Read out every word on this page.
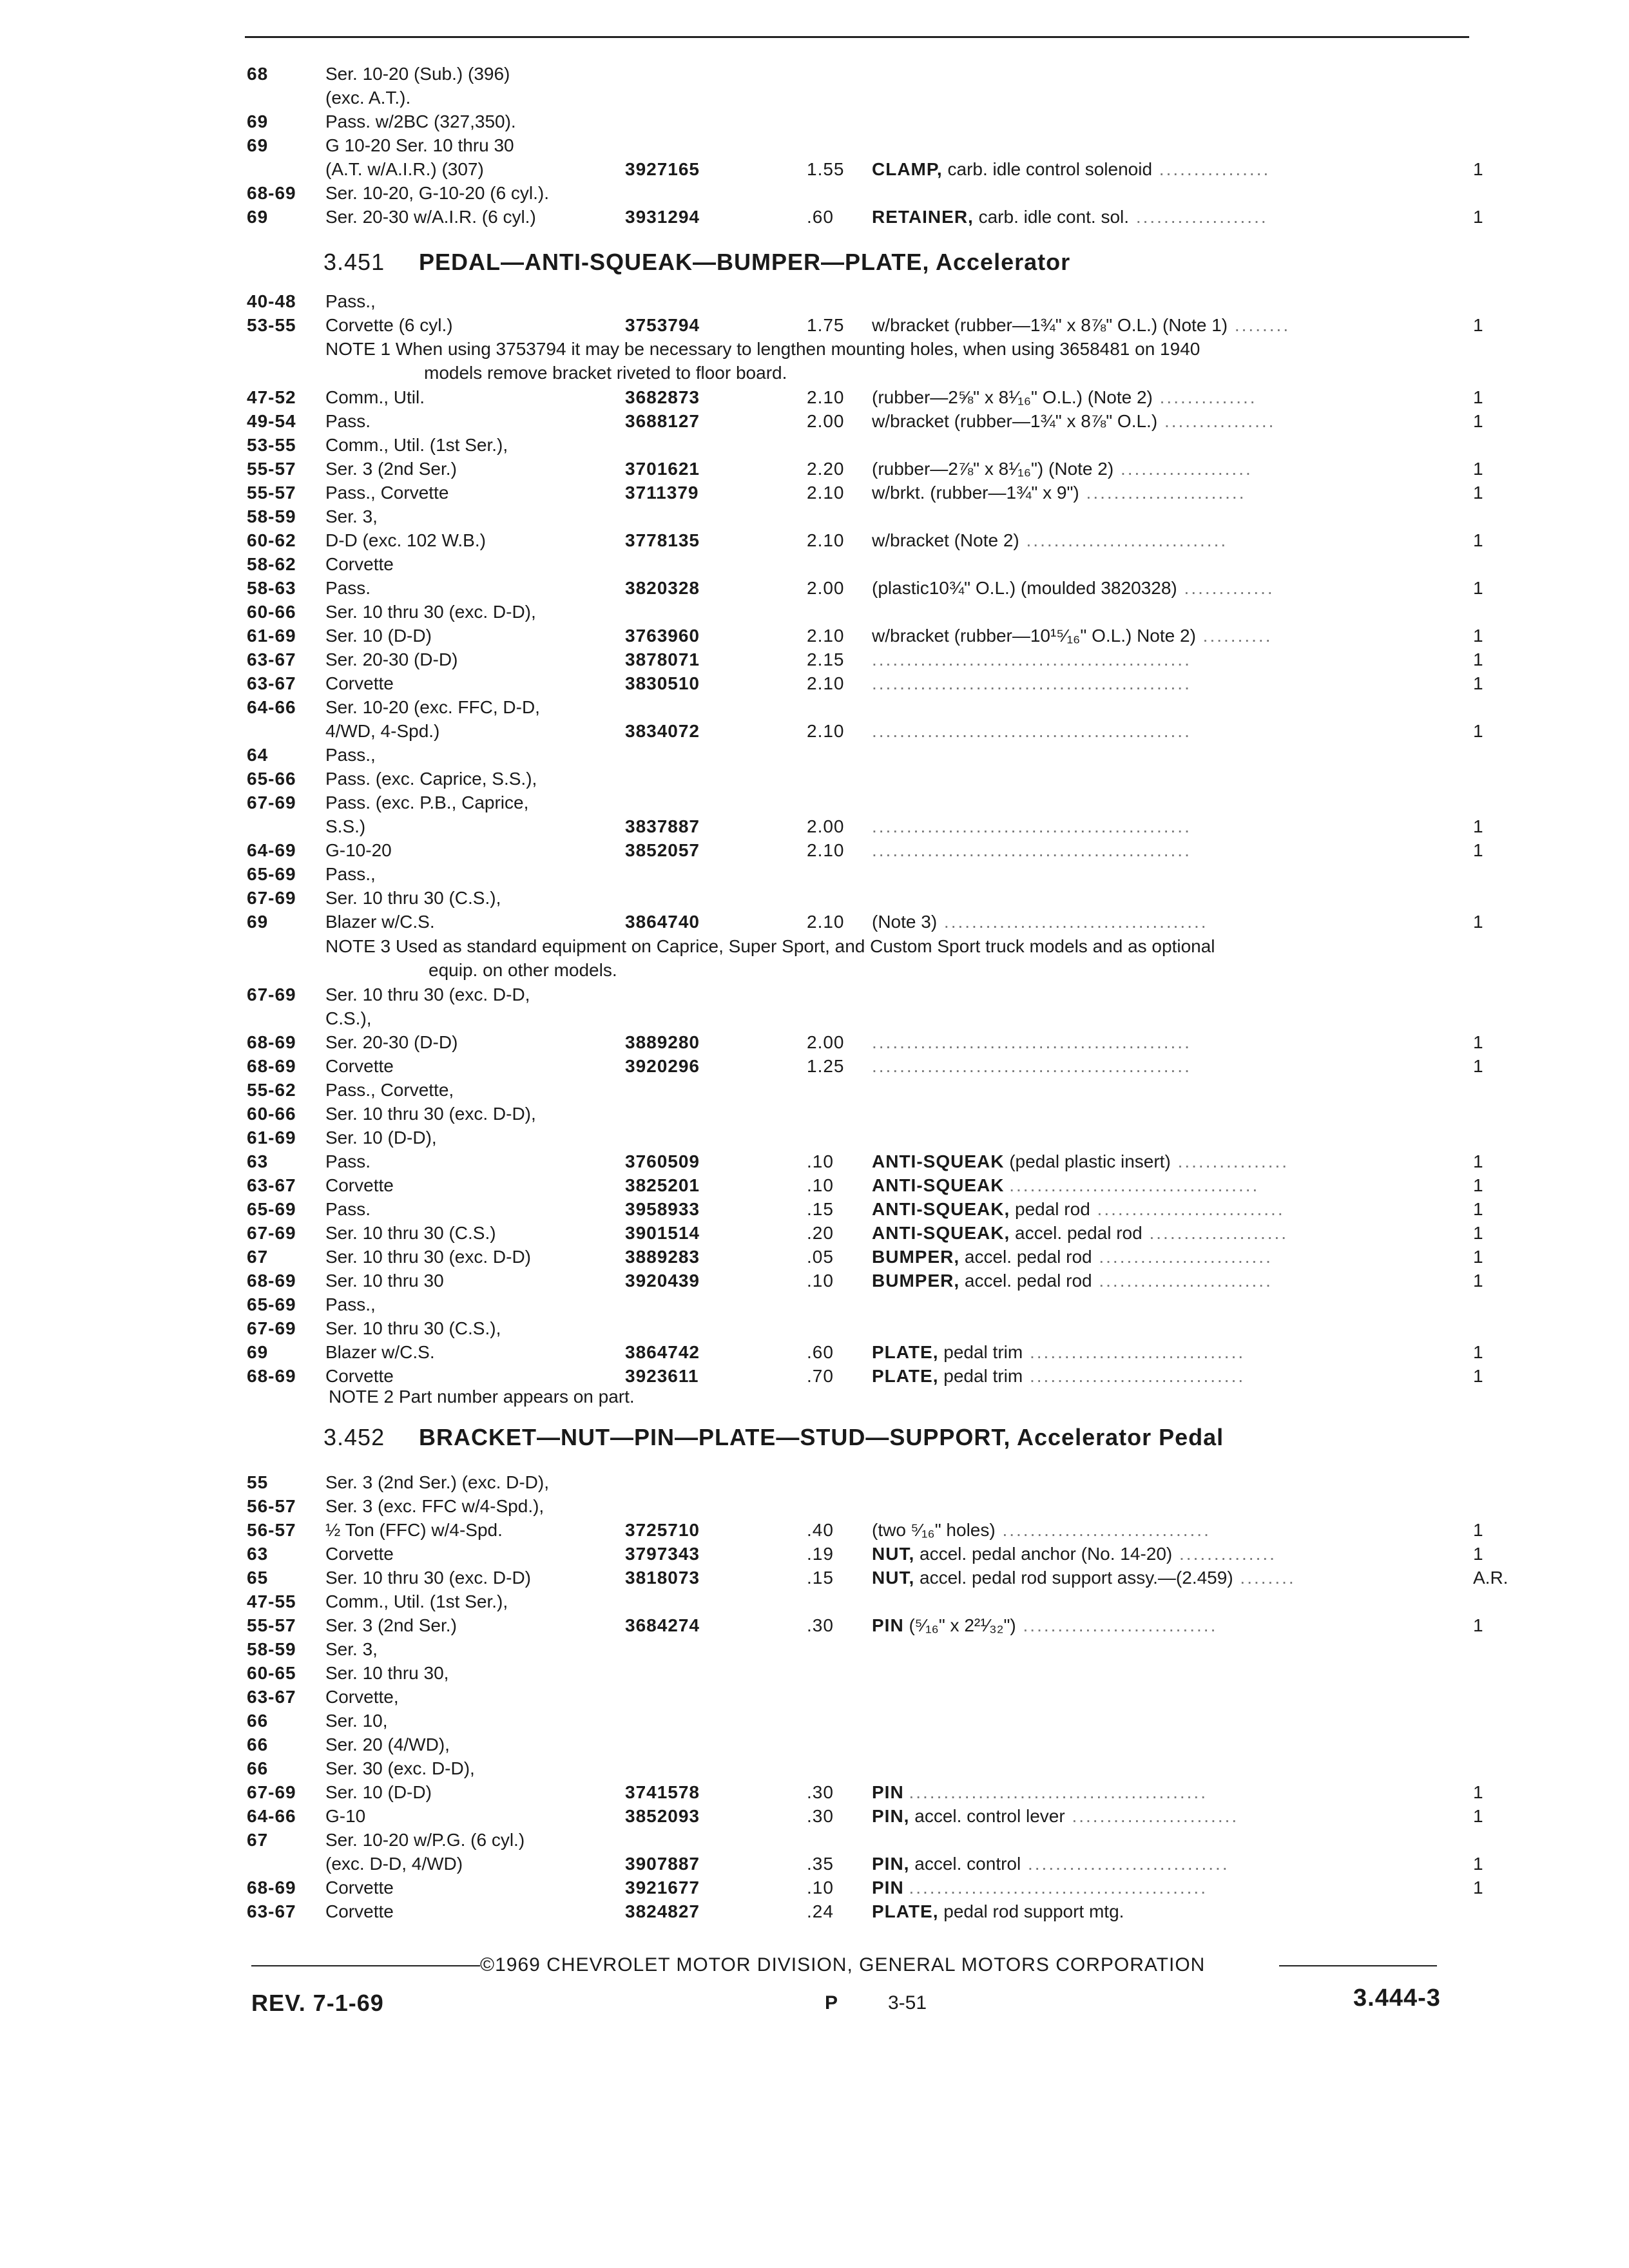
68	Ser. 10-20 (Sub.) (396)
(exc. A.T.).
69	Pass. w/2BC (327,350).
69	G 10-20 Ser. 10 thru 30
(A.T. w/A.I.R.) (307)	3927165	1.55 CLAMP, carb. idle control solenoid ................	1
68-69 Ser. 10-20, G-10-20 (6 cyl.).
69	Ser. 20-30 w/A.I.R. (6 cyl.)	3931294	.60 RETAINER, carb. idle cont. sol. ...................	1
3.451 PEDAL—ANTI-SQUEAK—BUMPER—PLATE, Accelerator
40-48 Pass.,
53-55 Corvette (6 cyl.)	3753794	1.75 w/bracket (rubber—1¾" x 8⅞" O.L.) (Note 1) ........	1
NOTE 1 When using 3753794 it may be necessary to lengthen mounting holes, when using 3658481 on 1940
models remove bracket riveted to floor board.
47-52 Comm., Util.	3682873	2.10 (rubber—2⅝" x 8¹⁄₁₆" O.L.) (Note 2) ..............	1
49-54 Pass.	3688127	2.00 w/bracket (rubber—1¾" x 8⅞" O.L.) ................	1
53-55 Comm., Util. (1st Ser.),
55-57 Ser. 3 (2nd Ser.)	3701621	2.20 (rubber—2⅞" x 8¹⁄₁₆") (Note 2) ...................	1
55-57 Pass., Corvette	3711379	2.10 w/brkt. (rubber—1¾" x 9") .......................	1
58-59 Ser. 3,
60-62 D-D (exc. 102 W.B.)	3778135	2.10 w/bracket (Note 2) .............................	1
58-62 Corvette
58-63 Pass.	3820328	2.00 (plastic10¾" O.L.) (moulded 3820328) .............	1
60-66 Ser. 10 thru 30 (exc. D-D),
61-69 Ser. 10 (D-D)	3763960	2.10 w/bracket (rubber—10¹⁵⁄₁₆" O.L.) Note 2) ..........	1
63-67 Ser. 20-30 (D-D)	3878071	2.15 ..............................................	1
63-67 Corvette	3830510	2.10 ..............................................	1
64-66 Ser. 10-20 (exc. FFC, D-D,
4/WD, 4-Spd.)	3834072	2.10 ..............................................	1
64	Pass.,
65-66 Pass. (exc. Caprice, S.S.),
67-69 Pass. (exc. P.B., Caprice,
S.S.)	3837887	2.00 ..............................................	1
64-69 G-10-20	3852057	2.10 ..............................................	1
65-69 Pass.,
67-69 Ser. 10 thru 30 (C.S.),
69	Blazer w/C.S.	3864740	2.10 (Note 3) ......................................	1
NOTE 3 Used as standard equipment on Caprice, Super Sport, and Custom Sport truck models and as optional
equip. on other models.
67-69 Ser. 10 thru 30 (exc. D-D,
C.S.),
68-69 Ser. 20-30 (D-D)	3889280	2.00 ..............................................	1
68-69 Corvette	3920296	1.25 ..............................................	1
55-62 Pass., Corvette,
60-66 Ser. 10 thru 30 (exc. D-D),
61-69 Ser. 10 (D-D),
63	Pass.	3760509	.10 ANTI-SQUEAK (pedal plastic insert) ................	1
63-67 Corvette	3825201	.10 ANTI-SQUEAK ....................................	1
65-69 Pass.	3958933	.15 ANTI-SQUEAK, pedal rod ...........................	1
67-69 Ser. 10 thru 30 (C.S.)	3901514	.20 ANTI-SQUEAK, accel. pedal rod ....................	1
67	Ser. 10 thru 30 (exc. D-D)	3889283	.05 BUMPER, accel. pedal rod .........................	1
68-69 Ser. 10 thru 30	3920439	.10 BUMPER, accel. pedal rod .........................	1
65-69 Pass.,
67-69 Ser. 10 thru 30 (C.S.),
69	Blazer w/C.S.	3864742	.60 PLATE, pedal trim ...............................	1
68-69 Corvette	3923611	.70 PLATE, pedal trim ...............................	1
NOTE 2 Part number appears on part.
3.452 BRACKET—NUT—PIN—PLATE—STUD—SUPPORT, Accelerator Pedal
55	Ser. 3 (2nd Ser.) (exc. D-D),
56-57 Ser. 3 (exc. FFC w/4-Spd.),
56-57 ½ Ton (FFC) w/4-Spd.	3725710	.40 (two ⁵⁄₁₆" holes) ..............................	1
63	Corvette	3797343	.19 NUT, accel. pedal anchor (No. 14-20) ..............	1
65	Ser. 10 thru 30 (exc. D-D)	3818073	.15 NUT, accel. pedal rod support assy.—(2.459) ........	A.R.
47-55 Comm., Util. (1st Ser.),
55-57 Ser. 3 (2nd Ser.)	3684274	.30 PIN (⁵⁄₁₆" x 2²¹⁄₃₂") ............................	1
58-59 Ser. 3,
60-65 Ser. 10 thru 30,
63-67 Corvette,
66	Ser. 10,
66	Ser. 20 (4/WD),
66	Ser. 30 (exc. D-D),
67-69 Ser. 10 (D-D)	3741578	.30 PIN ...........................................	1
64-66 G-10	3852093	.30 PIN, accel. control lever ........................	1
67	Ser. 10-20 w/P.G. (6 cyl.)
(exc. D-D, 4/WD)	3907887	.35 PIN, accel. control .............................	1
68-69 Corvette	3921677	.10 PIN ...........................................	1
63-67 Corvette	3824827	.24 PLATE, pedal rod support mtg.
©1969 CHEVROLET MOTOR DIVISION, GENERAL MOTORS CORPORATION
REV. 7-1-69	P	3-51	3.444-3
